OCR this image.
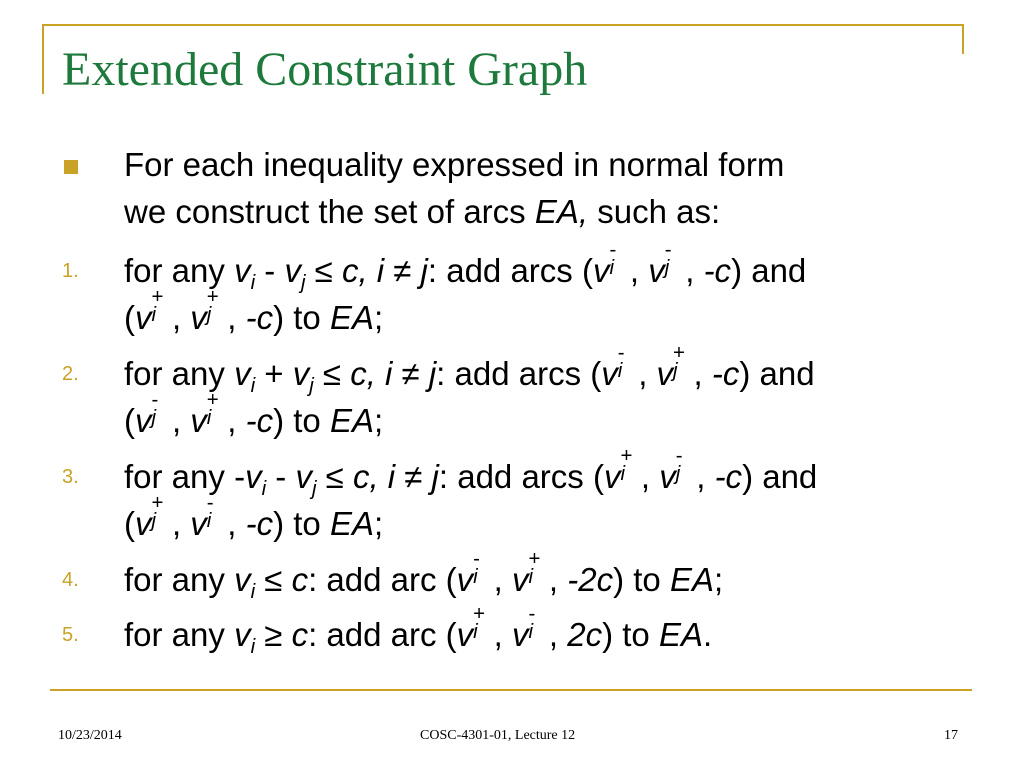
Extended Constraint Graph
For each inequality expressed in normal form
we construct the set of arcs EA, such as:
1. for any $v_i - v_j \le c$, i ≠ j: add arcs (v
-
i , v
-
j , -c) and
(v
+
i , v
+
j , -c) to EA;
2. for any $v_i + v_j \le c$, i ≠ j: add arcs (v
-
i , v
+
j , -c) and
(v
-
j , v
+
i , -c) to EA;
3. for any $-v_i - v_j \le c$, i ≠ j: add arcs (v
+
i , v
-
j , -c) and
(v
+
j , v
-
i , -c) to EA;
4. for any $v_i \le c$: add arc (v
-
i , v
+
i , -2c) to EA;
5. for any $v_i \ge c$: add arc (v
+
i , v
-
i , 2c) to EA.
10/23/2014	COSC-4301-01, Lecture 12	17
